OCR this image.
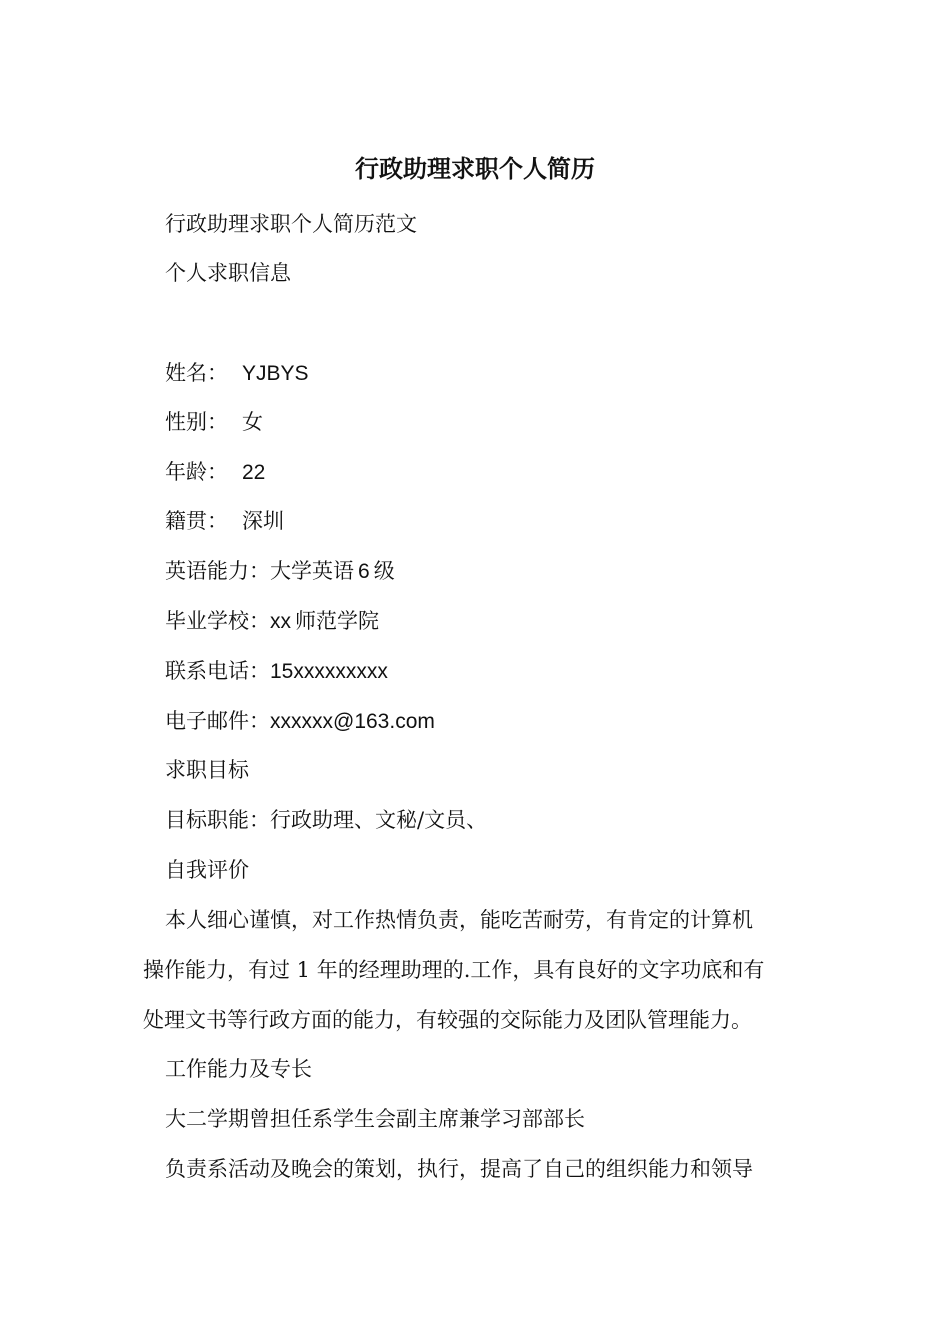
行政助理求职个人简历
行政助理求职个人简历范文
个人求职信息
姓名： YJBYS
性别： 女
年龄： 22
籍贯： 深圳
英语能力：大学英语 6 级
毕业学校：xx 师范学院
联系电话：15xxxxxxxxx
电子邮件：xxxxxx@163.com
求职目标
目标职能：行政助理、文秘/文员、
自我评价
本人细心谨慎，对工作热情负责，能吃苦耐劳，有肯定的计算机
操作能力，有过 1 年的经理助理的.工作，具有良好的文字功底和有
处理文书等行政方面的能力，有较强的交际能力及团队管理能力。
工作能力及专长
大二学期曾担任系学生会副主席兼学习部部长
负责系活动及晚会的策划，执行，提高了自己的组织能力和领导
